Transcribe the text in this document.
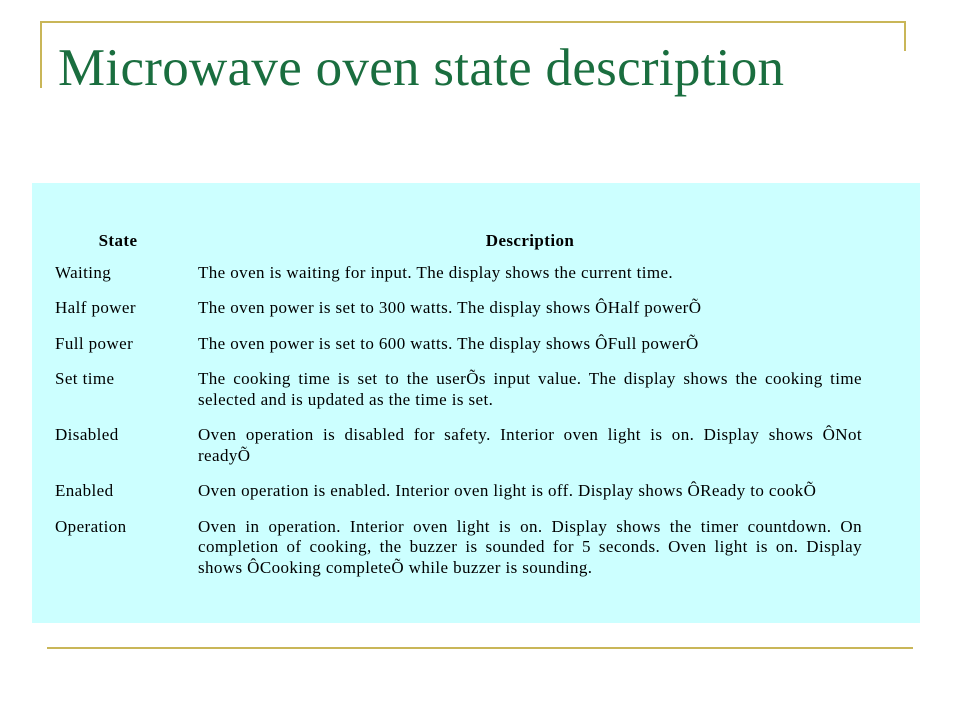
Microwave oven state description
State	Description
Waiting	The oven is waiting for input. The display shows the current time.
Half power	The oven power is set to 300 watts. The display shows ÔHalf powerÕ
Full power	The oven power is set to 600 watts. The display shows ÔFull powerÕ
Set time	The cooking time is set to the userÕs input value. The display shows the cooking time
selected and is updated as the time is set.
Disabled	Oven operation is disabled for safety. Interior oven light is on. Display shows ÔNot
readyÕ
Enabled	Oven operation is enabled. Interior oven light is off. Display shows ÔReady to cookÕ
Operation	Oven in operation. Interior oven light is on. Display shows the timer countdown. On
completion of cooking, the buzzer is sounded for 5 seconds. Oven light is on. Display
shows ÔCooking completeÕ while buzzer is sounding.
